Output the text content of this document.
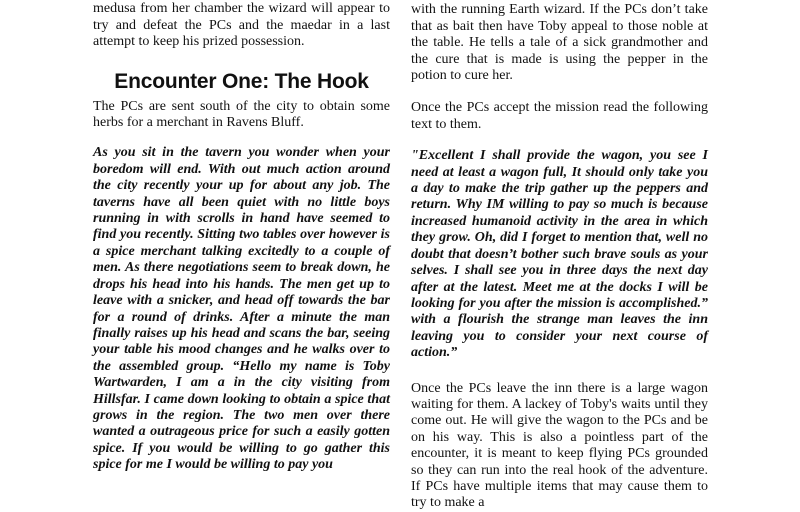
medusa from her chamber the wizard will appear to try and defeat the PCs and the maedar in a last attempt to keep his prized possession.

Encounter One: The Hook

The PCs are sent south of the city to obtain some herbs for a merchant in Ravens Bluff.

As you sit in the tavern you wonder when your boredom will end. With out much action around the city recently your up for about any job. The taverns have all been quiet with no little boys running in with scrolls in hand have seemed to find you recently. Sitting two tables over however is a spice merchant talking excitedly to a couple of men. As there negotiations seem to break down, he drops his head into his hands. The men get up to leave with a snicker, and head off towards the bar for a round of drinks. After a minute the man finally raises up his head and scans the bar, seeing your table his mood changes and he walks over to the assembled group. “Hello my name is Toby Wartwarden, I am a in the city visiting from Hillsfar. I came down looking to obtain a spice that grows in the region. The two men over there wanted a outrageous price for such a easily gotten spice. If you would be willing to go gather this spice for me I would be willing to pay you

with the running Earth wizard. If the PCs don’t take that as bait then have Toby appeal to those noble at the table. He tells a tale of a sick grandmother and the cure that is made is using the pepper in the potion to cure her.

Once the PCs accept the mission read the following text to them.

"Excellent I shall provide the wagon, you see I need at least a wagon full, It should only take you a day to make the trip gather up the peppers and return. Why IM willing to pay so much is because increased humanoid activity in the area in which they grow. Oh, did I forget to mention that, well no doubt that doesn’t bother such brave souls as your selves. I shall see you in three days the next day after at the latest. Meet me at the docks I will be looking for you after the mission is accomplished.” with a flourish the strange man leaves the inn leaving you to consider your next course of action.”

Once the PCs leave the inn there is a large wagon waiting for them. A lackey of Toby's waits until they come out. He will give the wagon to the PCs and be on his way. This is also a pointless part of the encounter, it is meant to keep flying PCs grounded so they can run into the real hook of the adventure. If PCs have multiple items that may cause them to try to make a
